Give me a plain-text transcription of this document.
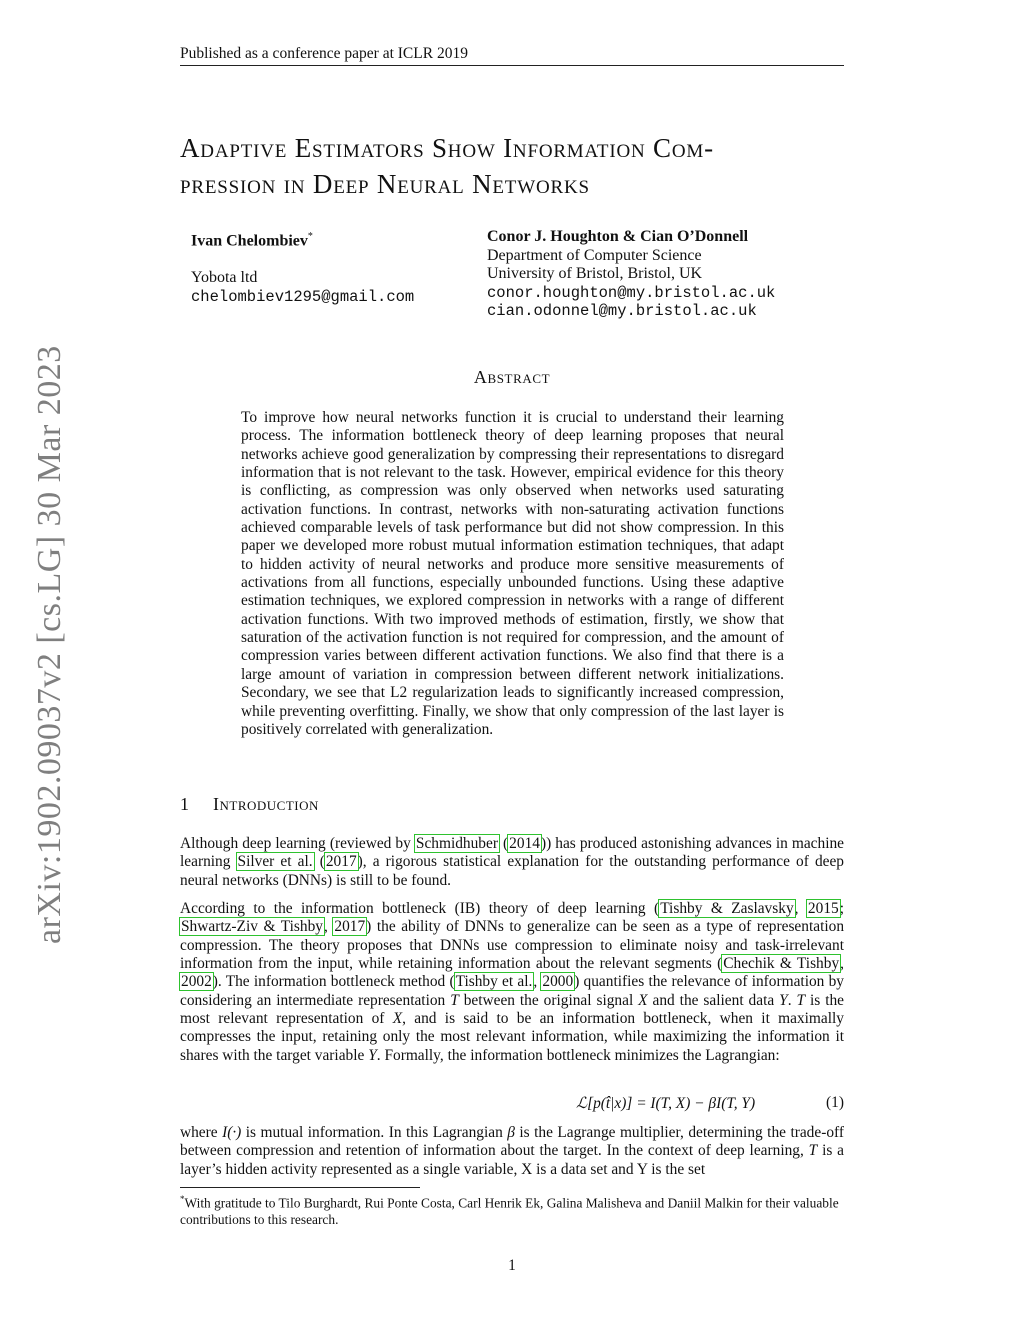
Published as a conference paper at ICLR 2019
arXiv:1902.09037v2 [cs.LG] 30 Mar 2023
Adaptive Estimators Show Information Com-
pression in Deep Neural Networks
Ivan Chelombiev*
Yobota ltd
chelombiev1295@gmail.com
Conor J. Houghton & Cian O’Donnell
Department of Computer Science
University of Bristol, Bristol, UK
conor.houghton@my.bristol.ac.uk
cian.odonnel@my.bristol.ac.uk
Abstract
To improve how neural networks function it is crucial to understand their learning process. The information bottleneck theory of deep learning proposes that neural networks achieve good generalization by compressing their representations to disregard information that is not relevant to the task. However, empirical evidence for this theory is conflicting, as compression was only observed when networks used saturating activation functions. In contrast, networks with non-saturating activation functions achieved comparable levels of task performance but did not show compression. In this paper we developed more robust mutual information estimation techniques, that adapt to hidden activity of neural networks and produce more sensitive measurements of activations from all functions, especially unbounded functions. Using these adaptive estimation techniques, we explored compression in networks with a range of different activation functions. With two improved methods of estimation, firstly, we show that saturation of the activation function is not required for compression, and the amount of compression varies between different activation functions. We also find that there is a large amount of variation in compression between different network initializations. Secondary, we see that L2 regularization leads to significantly increased compression, while preventing overfitting. Finally, we show that only compression of the last layer is positively correlated with generalization.
1 Introduction
Although deep learning (reviewed by Schmidhuber (2014)) has produced astonishing advances in machine learning Silver et al. (2017), a rigorous statistical explanation for the outstanding performance of deep neural networks (DNNs) is still to be found.
According to the information bottleneck (IB) theory of deep learning (Tishby & Zaslavsky, 2015; Shwartz-Ziv & Tishby, 2017) the ability of DNNs to generalize can be seen as a type of representation compression. The theory proposes that DNNs use compression to eliminate noisy and task-irrelevant information from the input, while retaining information about the relevant segments (Chechik & Tishby, 2002). The information bottleneck method (Tishby et al., 2000) quantifies the relevance of information by considering an intermediate representation T between the original signal X and the salient data Y. T is the most relevant representation of X, and is said to be an information bottleneck, when it maximally compresses the input, retaining only the most relevant information, while maximizing the information it shares with the target variable Y. Formally, the information bottleneck minimizes the Lagrangian:
ℒ[p(t̂|x)] = I(T, X) − βI(T, Y)	(1)
where I(·) is mutual information. In this Lagrangian β is the Lagrange multiplier, determining the trade-off between compression and retention of information about the target. In the context of deep learning, T is a layer’s hidden activity represented as a single variable, X is a data set and Y is the set
*With gratitude to Tilo Burghardt, Rui Ponte Costa, Carl Henrik Ek, Galina Malisheva and Daniil Malkin for their valuable contributions to this research.
1
